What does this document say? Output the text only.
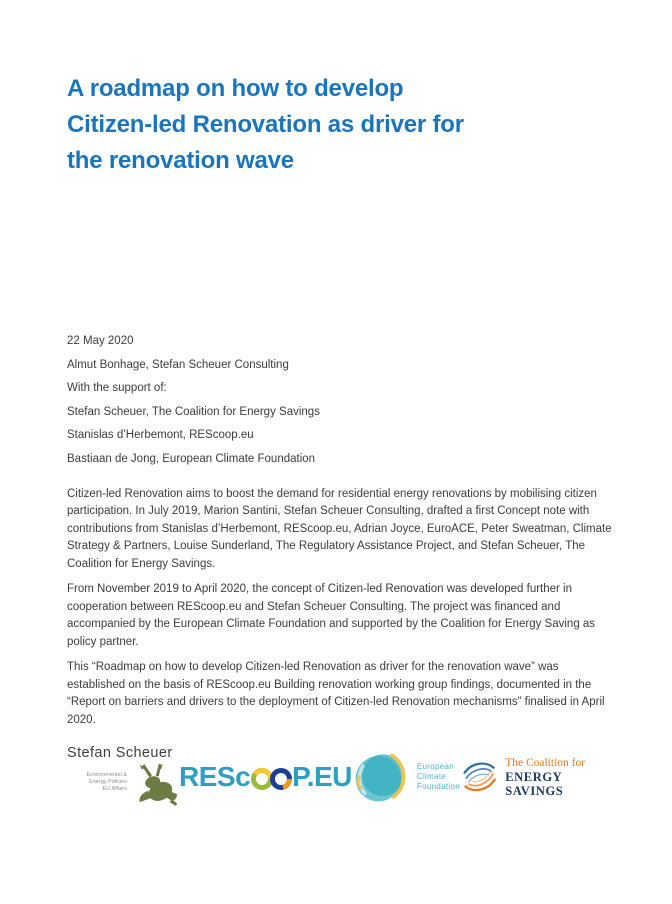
A roadmap on how to develop
Citizen-led Renovation as driver for
the renovation wave

22 May 2020

Almut Bonhage, Stefan Scheuer Consulting

With the support of:

Stefan Scheuer, The Coalition for Energy Savings

Stanislas d’Herbemont, REScoop.eu

Bastiaan de Jong, European Climate Foundation

Citizen-led Renovation aims to boost the demand for residential energy renovations by mobilising citizen participation. In July 2019, Marion Santini, Stefan Scheuer Consulting, drafted a first Concept note with contributions from Stanislas d’Herbemont, REScoop.eu, Adrian Joyce, EuroACE, Peter Sweatman, Climate Strategy & Partners, Louise Sunderland, The Regulatory Assistance Project, and Stefan Scheuer, The Coalition for Energy Savings.

From November 2019 to April 2020, the concept of Citizen-led Renovation was developed further in cooperation between REScoop.eu and Stefan Scheuer Consulting. The project was financed and accompanied by the European Climate Foundation and supported by the Coalition for Energy Saving as policy partner.

This “Roadmap on how to develop Citizen-led Renovation as driver for the renovation wave” was established on the basis of REScoop.eu Building renovation working group findings, documented in the “Report on barriers and drivers to the deployment of Citizen-led Renovation mechanisms” finalised in April 2020.

Stefan Scheuer
Environmental &
Energy Policies
EU Affairs RESc P.EU	European
Climate
Foundation
The Coalition for
ENERGY SAVINGS
